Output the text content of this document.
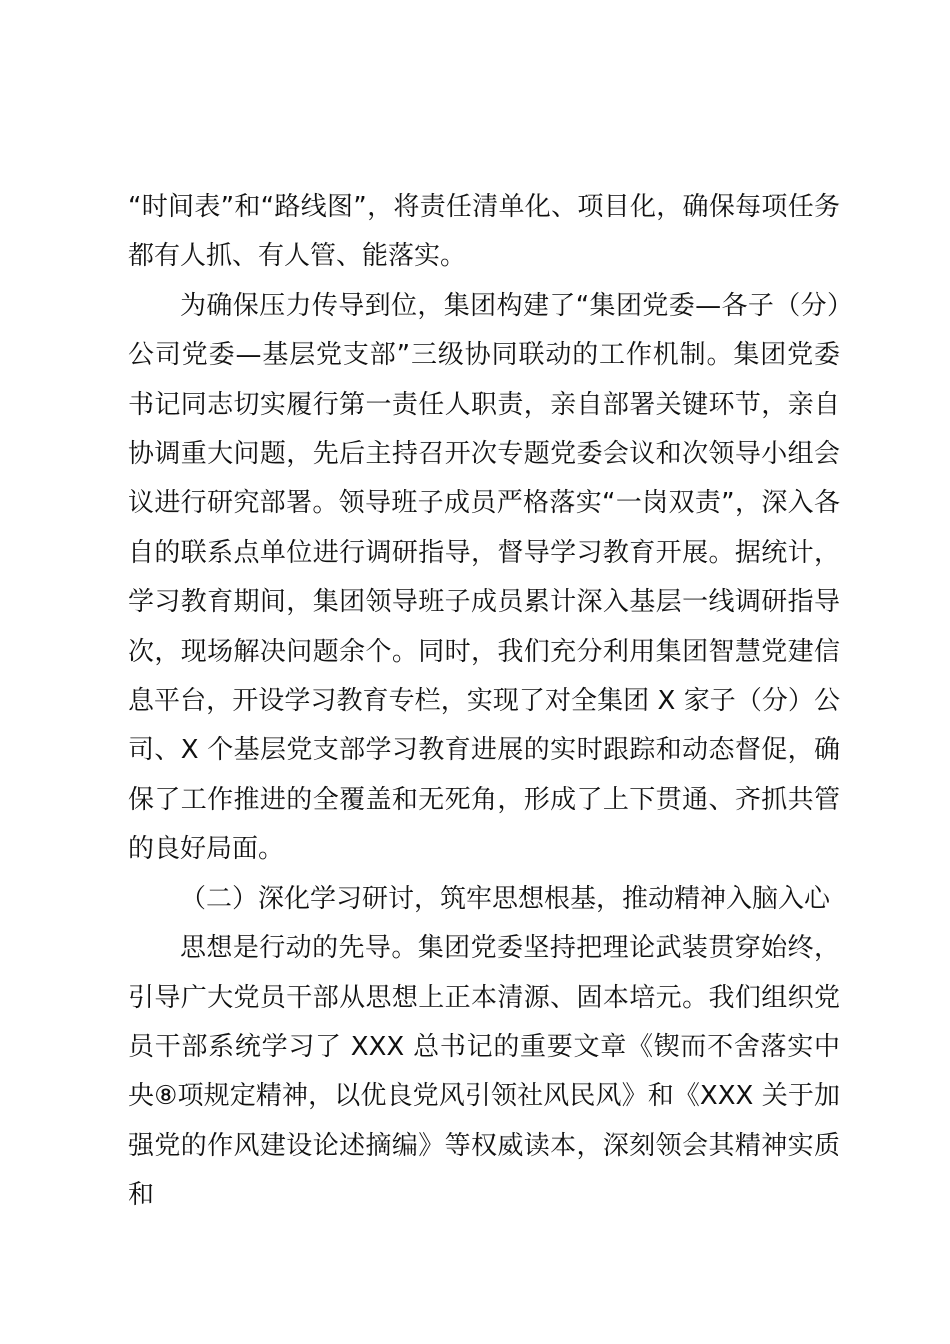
“时间表”和“路线图”，将责任清单化、项目化，确保每项任务都有人抓、有人管、能落实。

为确保压力传导到位，集团构建了“集团党委—各子（分）公司党委—基层党支部”三级协同联动的工作机制。集团党委书记同志切实履行第一责任人职责，亲自部署关键环节，亲自协调重大问题，先后主持召开次专题党委会议和次领导小组会议进行研究部署。领导班子成员严格落实“一岗双责”，深入各自的联系点单位进行调研指导，督导学习教育开展。据统计，学习教育期间，集团领导班子成员累计深入基层一线调研指导次，现场解决问题余个。同时，我们充分利用集团智慧党建信息平台，开设学习教育专栏，实现了对全集团 X 家子（分）公司、X 个基层党支部学习教育进展的实时跟踪和动态督促，确保了工作推进的全覆盖和无死角，形成了上下贯通、齐抓共管的良好局面。

（二）深化学习研讨，筑牢思想根基，推动精神入脑入心

思想是行动的先导。集团党委坚持把理论武装贯穿始终，引导广大党员干部从思想上正本清源、固本培元。我们组织党员干部系统学习了 XXX 总书记的重要文章《锲而不舍落实中央⑧项规定精神，以优良党风引领社风民风》和《XXX 关于加强党的作风建设论述摘编》等权威读本，深刻领会其精神实质和
